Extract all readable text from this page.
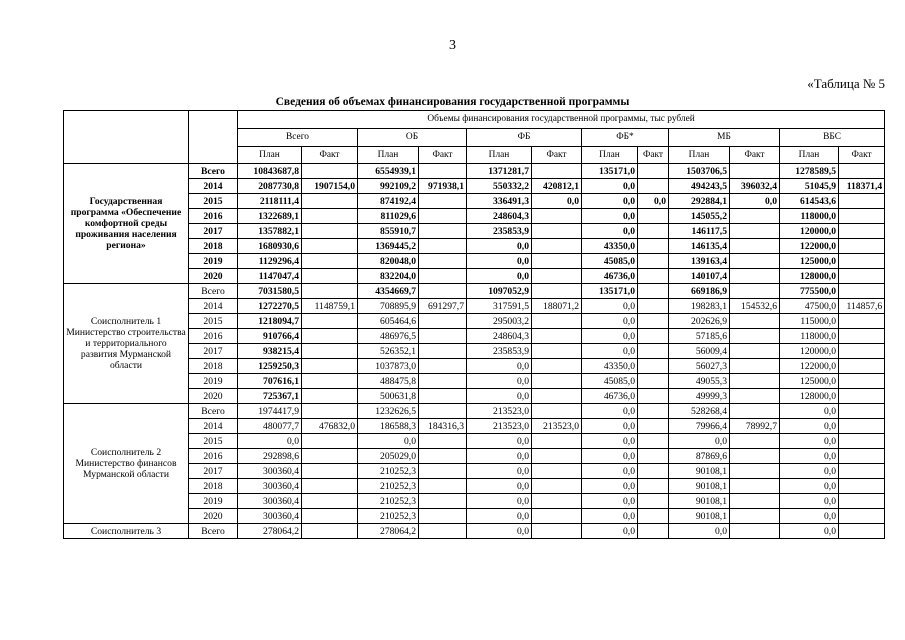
3
«Таблица № 5
Сведения об объемах финансирования государственной программы
		Объемы финансирования государственной программы, тыс рублей											
		Всего		ОБ		ФБ		ФБ*		МБ		ВБС	
		План	Факт	План	Факт	План	Факт	План	Факт	План	Факт	План	Факт
Государственная программа «Обеспечение комфортной среды проживания населения региона»	Всего	10843687,8		6554939,1		1371281,7		135171,0		1503706,5		1278589,5	
	2014	2087730,8	1907154,0	992109,2	971938,1	550332,2	420812,1	0,0		494243,5	396032,4	51045,9	118371,4
	2015	2118111,4		874192,4		336491,3	0,0	0,0	0,0	292884,1	0,0	614543,6	
	2016	1322689,1		811029,6		248604,3		0,0		145055,2		118000,0	
	2017	1357882,1		855910,7		235853,9		0,0		146117,5		120000,0	
	2018	1680930,6		1369445,2		0,0		43350,0		146135,4		122000,0	
	2019	1129296,4		820048,0		0,0		45085,0		139163,4		125000,0	
	2020	1147047,4		832204,0		0,0		46736,0		140107,4		128000,0	
Соисполнитель 1 Министерство строительства и территориального развития Мурманской области	Всего	7031580,5		4354669,7		1097052,9		135171,0		669186,9		775500,0	
	2014	1272270,5	1148759,1	708895,9	691297,7	317591,5	188071,2	0,0		198283,1	154532,6	47500,0	114857,6
	2015	1218094,7		605464,6		295003,2		0,0		202626,9		115000,0	
	2016	910766,4		486976,5		248604,3		0,0		57185,6		118000,0	
	2017	938215,4		526352,1		235853,9		0,0		56009,4		120000,0	
	2018	1259250,3		1037873,0		0,0		43350,0		56027,3		122000,0	
	2019	707616,1		488475,8		0,0		45085,0		49055,3		125000,0	
	2020	725367,1		500631,8		0,0		46736,0		49999,3		128000,0	
Соисполнитель 2 Министерство финансов Мурманской области	Всего	1974417,9		1232626,5		213523,0		0,0		528268,4		0,0	
	2014	480077,7	476832,0	186588,3	184316,3	213523,0	213523,0	0,0		79966,4	78992,7	0,0	
	2015	0,0		0,0		0,0		0,0		0,0		0,0	
	2016	292898,6		205029,0		0,0		0,0		87869,6		0,0	
	2017	300360,4		210252,3		0,0		0,0		90108,1		0,0	
	2018	300360,4		210252,3		0,0		0,0		90108,1		0,0	
	2019	300360,4		210252,3		0,0		0,0		90108,1		0,0	
	2020	300360,4		210252,3		0,0		0,0		90108,1		0,0	
Соисполнитель 3	Всего	278064,2		278064,2		0,0		0,0		0,0		0,0	
